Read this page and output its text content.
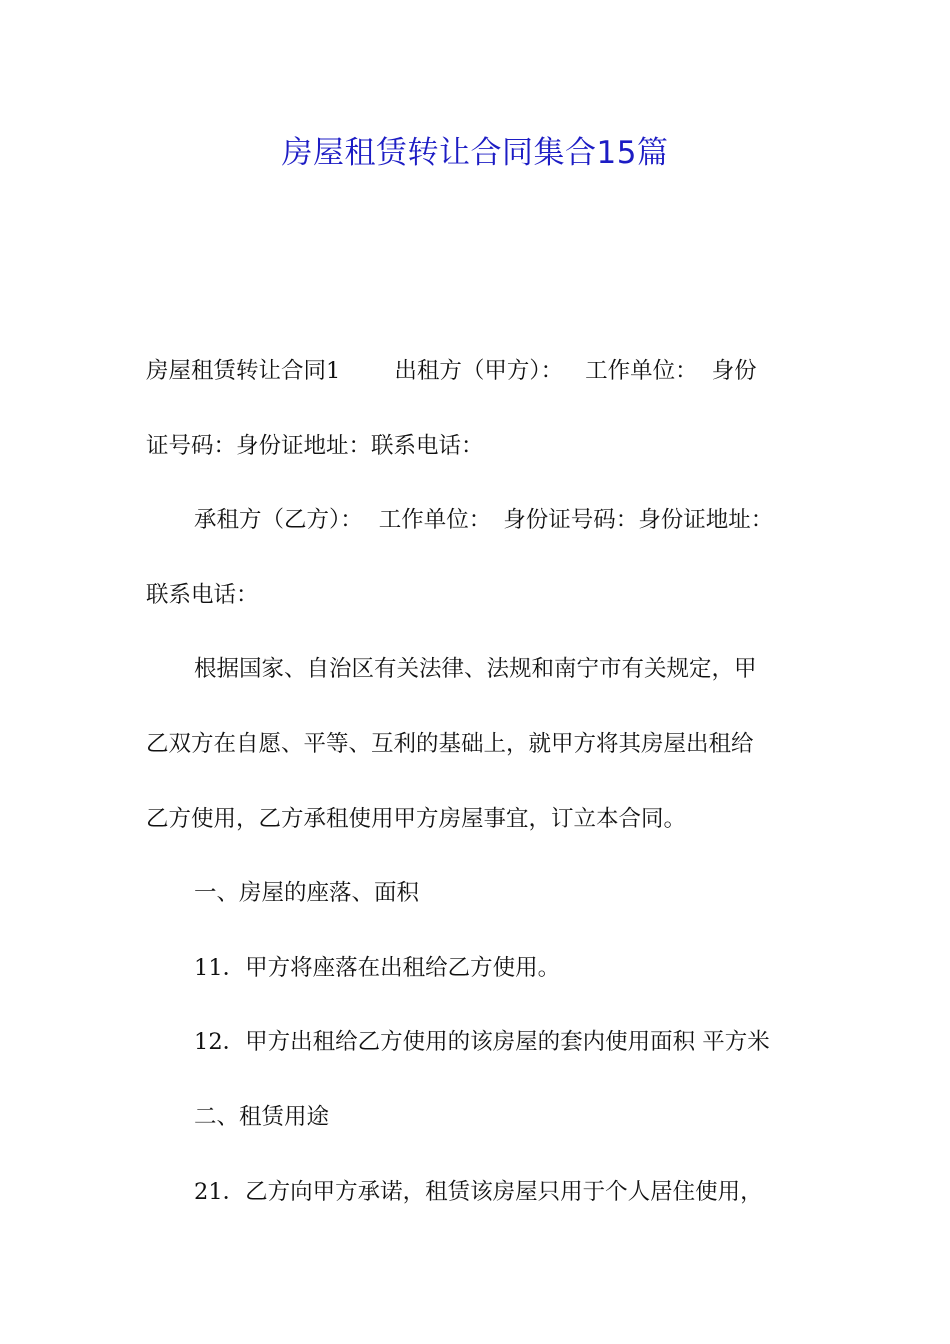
房屋租赁转让合同集合15篇
房屋租赁转让合同1 出租方（甲方）： 工作单位： 身份
证号码：身份证地址：联系电话：
承租方（乙方）： 工作单位： 身份证号码：身份证地址：
联系电话：
根据国家、自治区有关法律、法规和南宁市有关规定，甲
乙双方在自愿、平等、互利的基础上，就甲方将其房屋出租给
乙方使用，乙方承租使用甲方房屋事宜，订立本合同。
一、房屋的座落、面积
11．甲方将座落在出租给乙方使用。
12．甲方出租给乙方使用的该房屋的套内使用面积 平方米
二、租赁用途
21．乙方向甲方承诺，租赁该房屋只用于个人居住使用，
